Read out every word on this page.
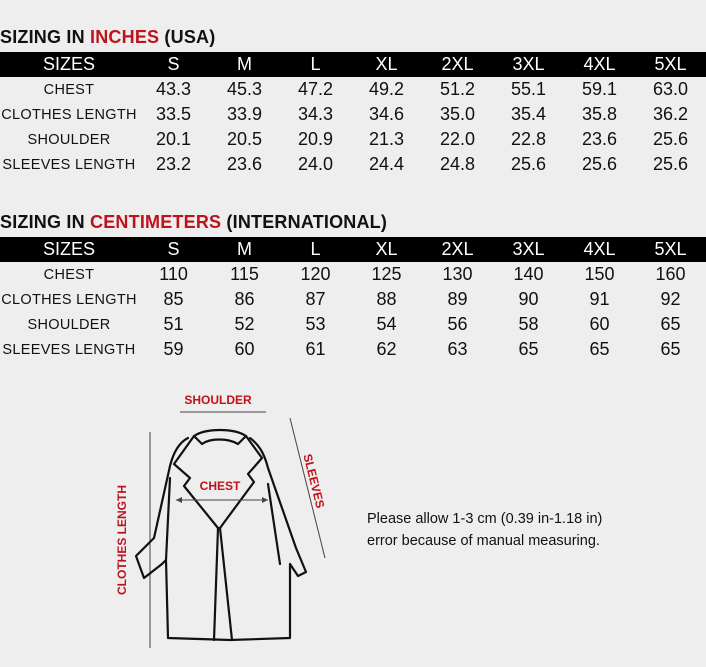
SIZING IN INCHES (USA)
SIZES	S	M	L	XL	2XL	3XL	4XL	5XL
CHEST	43.3	45.3	47.2	49.2	51.2	55.1	59.1	63.0
CLOTHES LENGTH	33.5	33.9	34.3	34.6	35.0	35.4	35.8	36.2
SHOULDER	20.1	20.5	20.9	21.3	22.0	22.8	23.6	25.6
SLEEVES LENGTH	23.2	23.6	24.0	24.4	24.8	25.6	25.6	25.6
SIZING IN CENTIMETERS (INTERNATIONAL)
SIZES	S	M	L	XL	2XL	3XL	4XL	5XL
CHEST	110	115	120	125	130	140	150	160
CLOTHES LENGTH	85	86	87	88	89	90	91	92
SHOULDER	51	52	53	54	56	58	60	65
SLEEVES LENGTH	59	60	61	62	63	65	65	65
SHOULDER
CLOTHES LENGTH
SLEEVES
CHEST
Please allow 1-3 cm (0.39 in-1.18 in)
error because of manual measuring.
